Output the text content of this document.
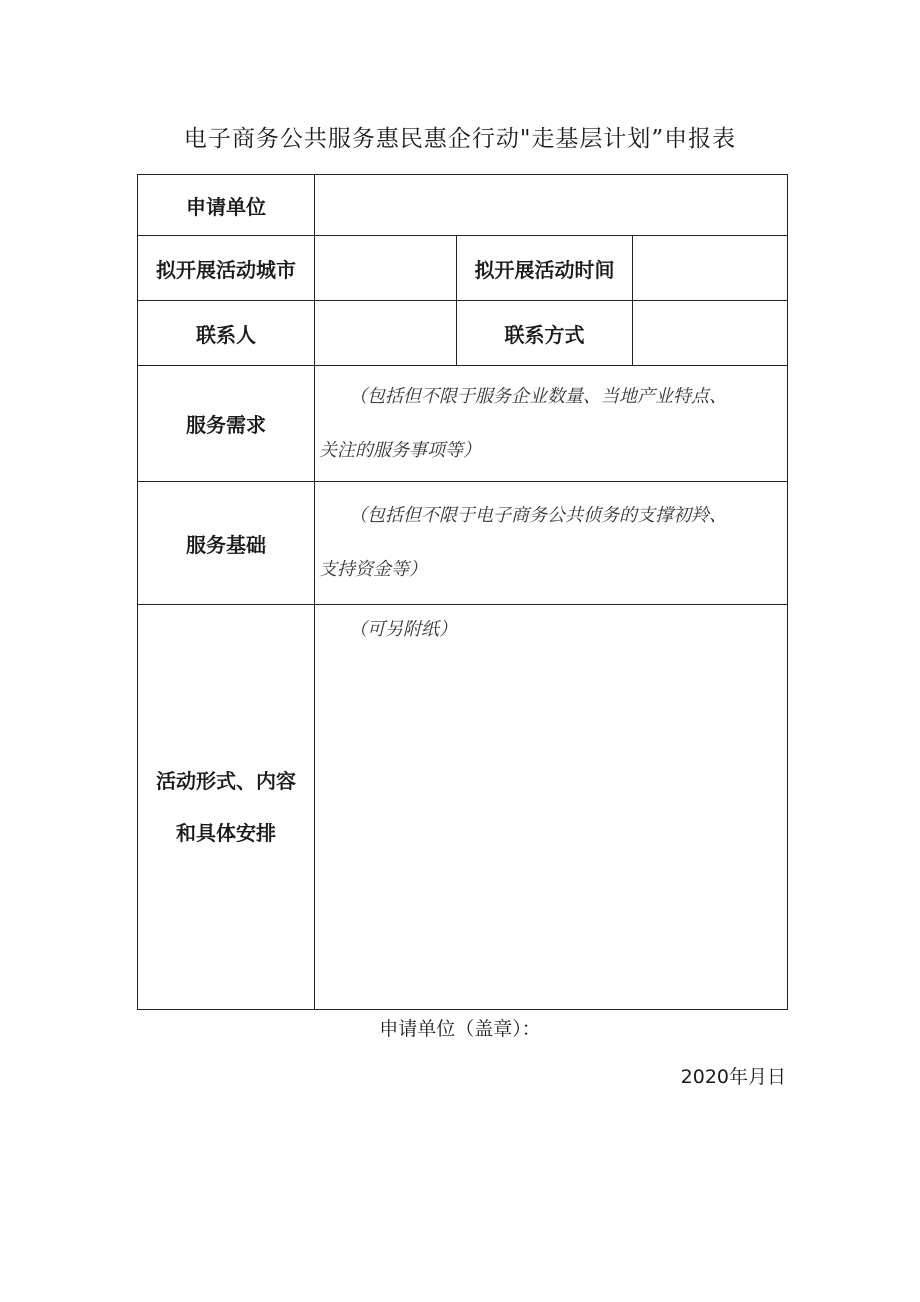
电子商务公共服务惠民惠企行动"走基层计划”申报表
申请单位			
拟开展活动城市		拟开展活动时间	
联系人		联系方式	
服务需求	（包括但不限于服务企业数量、当地产业特点、
关注的服务事项等）		

服务基础	（包括但不限于电子商务公共侦务的支撑初羚、
支持资金等）		

活动形式、内容
和具体安排	（可另附纸）		
申请单位（盖章）：
2020年月日
